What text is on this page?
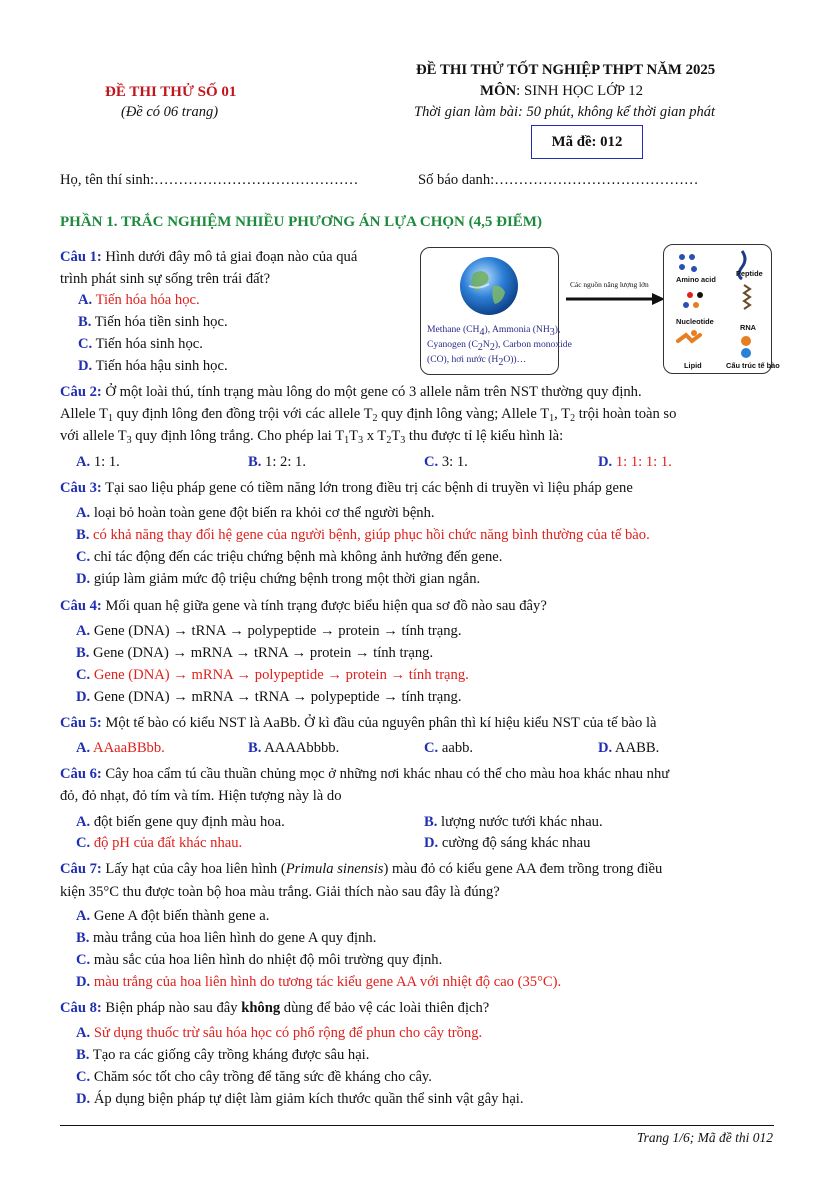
ĐỀ THI THỬ SỐ 01
(Đề có 06 trang)
ĐỀ THI THỬ TỐT NGHIỆP THPT NĂM 2025
MÔN: SINH HỌC LỚP 12
Thời gian làm bài: 50 phút, không kể thời gian phát
Mã đề: 012
Họ, tên thí sinh:……………………………………	Số báo danh:……………………………………
PHẦN 1. TRẮC NGHIỆM NHIỀU PHƯƠNG ÁN LỰA CHỌN (4,5 ĐIỂM)
Methane $(CH_4)$, Ammonia $(NH_3)$,
Cyanogen $(C_2N_2)$, Carbon monoxide
(CO), hơi nước $(H_2O))\dots$
Các nguồn năng lượng lớn
Amino acid
Peptide
Nucleotide
RNA
Lipid	Cấu trúc tế bào
Câu 1: Hình dưới đây mô tả giai đoạn nào của quá
trình phát sinh sự sống trên trái đất?
A. Tiến hóa hóa học.
B. Tiến hóa tiền sinh học.
C. Tiến hóa sinh học.
D. Tiến hóa hậu sinh học.
Câu 2: Ở một loài thú, tính trạng màu lông do một gene có 3 allele nằm trên NST thường quy định.
Allele $T_1$ quy định lông đen đồng trội với các allele $T_2$ quy định lông vàng; Allele $T_1$, $T_2$ trội hoàn toàn so
với allele $T_3$ quy định lông trắng. Cho phép lai $T_1T_3$ x $T_2T_3$ thu được tỉ lệ kiểu hình là:
A. 1: 1.	B. 1: 2: 1.	C. 3: 1.	D. 1: 1: 1: 1.
Câu 3: Tại sao liệu pháp gene có tiềm năng lớn trong điều trị các bệnh di truyền vì liệu pháp gene
A. loại bỏ hoàn toàn gene đột biến ra khỏi cơ thể người bệnh.
B. có khả năng thay đổi hệ gene của người bệnh, giúp phục hồi chức năng bình thường của tế bào.
C. chỉ tác động đến các triệu chứng bệnh mà không ảnh hưởng đến gene.
D. giúp làm giảm mức độ triệu chứng bệnh trong một thời gian ngắn.
Câu 4: Mối quan hệ giữa gene và tính trạng được biểu hiện qua sơ đồ nào sau đây?
A. Gene (DNA) → tRNA → polypeptide → protein → tính trạng.
B. Gene (DNA) → mRNA → tRNA → protein → tính trạng.
C. Gene (DNA) → mRNA → polypeptide → protein → tính trạng.
D. Gene (DNA) → mRNA → tRNA → polypeptide → tính trạng.
Câu 5: Một tế bào có kiểu NST là AaBb. Ở kì đầu của nguyên phân thì kí hiệu kiểu NST của tế bào là
A. AAaaBBbb.	B. AAAAbbbb.	C. aabb.	D. AABB.
Câu 6: Cây hoa cẩm tú cầu thuần chủng mọc ở những nơi khác nhau có thể cho màu hoa khác nhau như
đỏ, đỏ nhạt, đỏ tím và tím. Hiện tượng này là do
A. đột biến gene quy định màu hoa.	B. lượng nước tưới khác nhau.
C. độ pH của đất khác nhau.	D. cường độ sáng khác nhau
Câu 7: Lấy hạt của cây hoa liên hình (Primula sinensis) màu đỏ có kiểu gene AA đem trồng trong điều
kiện 35°C thu được toàn bộ hoa màu trắng. Giải thích nào sau đây là đúng?
A. Gene A đột biến thành gene a.
B. màu trắng của hoa liên hình do gene A quy định.
C. màu sắc của hoa liên hình do nhiệt độ môi trường quy định.
D. màu trắng của hoa liên hình do tương tác kiểu gene AA với nhiệt độ cao (35°C).
Câu 8: Biện pháp nào sau đây không dùng để bảo vệ các loài thiên địch?
A. Sử dụng thuốc trừ sâu hóa học có phổ rộng để phun cho cây trồng.
B. Tạo ra các giống cây trồng kháng được sâu hại.
C. Chăm sóc tốt cho cây trồng để tăng sức đề kháng cho cây.
D. Áp dụng biện pháp tự diệt làm giảm kích thước quần thể sinh vật gây hại.
Trang 1/6; Mã đề thi 012
